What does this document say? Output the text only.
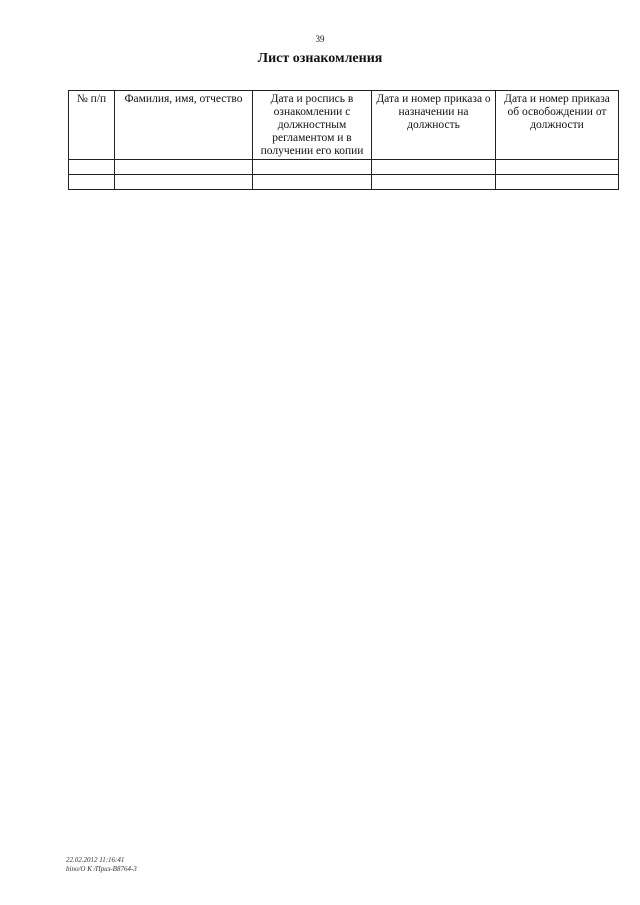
39
Лист ознакомления
№ п/п	Фамилия, имя, отчество	Дата и роспись в ознакомлении с должностным регламентом и в получении его копии	Дата и номер приказа о назначении на должность	Дата и номер приказа об освобождении от должности

22.02.2012 11:16:41
bino/O K /Приз-B8764-3
